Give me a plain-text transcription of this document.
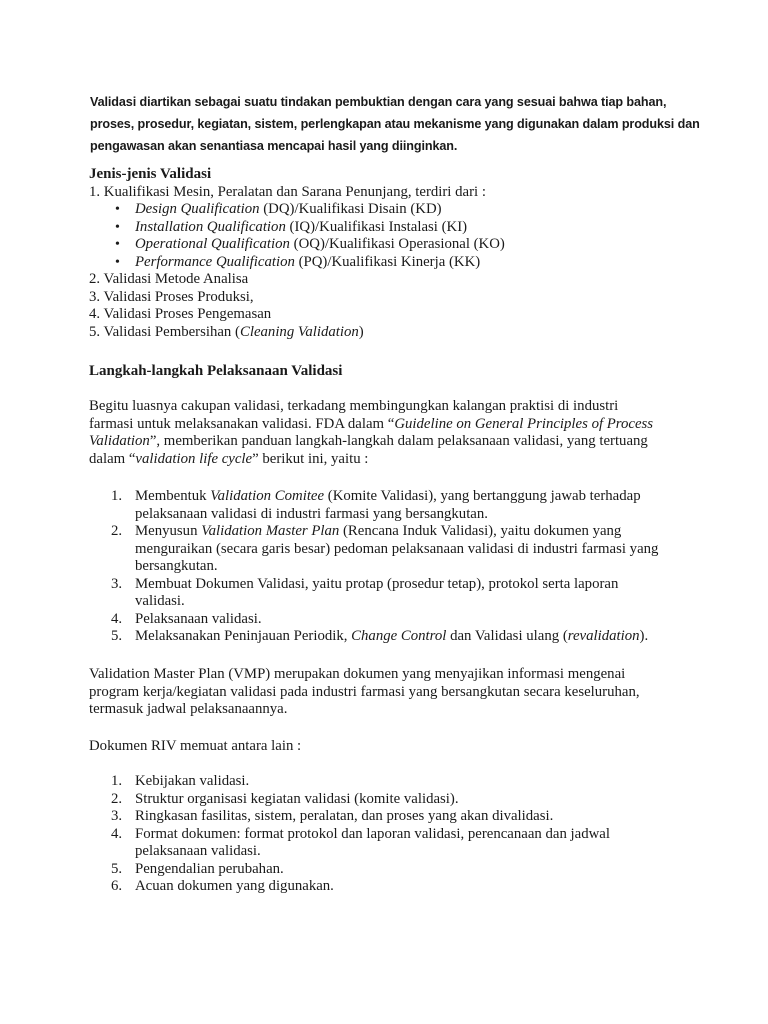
Validasi diartikan sebagai suatu tindakan pembuktian dengan cara yang sesuai bahwa tiap bahan,

proses, prosedur, kegiatan, sistem, perlengkapan atau mekanisme yang digunakan dalam produksi dan

pengawasan akan senantiasa mencapai hasil yang diinginkan.

Jenis-jenis Validasi

1. Kualifikasi Mesin, Peralatan dan Sarana Penunjang, terdiri dari :

• Design Qualification (DQ)/Kualifikasi Disain (KD)
• Installation Qualification (IQ)/Kualifikasi Instalasi (KI)
• Operational Qualification (OQ)/Kualifikasi Operasional (KO)
• Performance Qualification (PQ)/Kualifikasi Kinerja (KK)

2. Validasi Metode Analisa

3. Validasi Proses Produksi,

4. Validasi Proses Pengemasan

5. Validasi Pembersihan (Cleaning Validation)

Langkah-langkah Pelaksanaan Validasi

Begitu luasnya cakupan validasi, terkadang membingungkan kalangan praktisi di industri

farmasi untuk melaksanakan validasi. FDA dalam “Guideline on General Principles of Process

Validation”, memberikan panduan langkah-langkah dalam pelaksanaan validasi, yang tertuang

dalam “validation life cycle” berikut ini, yaitu :

1. Membentuk Validation Comitee (Komite Validasi), yang bertanggung jawab terhadap
pelaksanaan validasi di industri farmasi yang bersangkutan.
2. Menyusun Validation Master Plan (Rencana Induk Validasi), yaitu dokumen yang
menguraikan (secara garis besar) pedoman pelaksanaan validasi di industri farmasi yang
bersangkutan.
3. Membuat Dokumen Validasi, yaitu protap (prosedur tetap), protokol serta laporan
validasi.
4. Pelaksanaan validasi.
5. Melaksanakan Peninjauan Periodik, Change Control dan Validasi ulang (revalidation).

Validation Master Plan (VMP) merupakan dokumen yang menyajikan informasi mengenai

program kerja/kegiatan validasi pada industri farmasi yang bersangkutan secara keseluruhan,

termasuk jadwal pelaksanaannya.

Dokumen RIV memuat antara lain :

1. Kebijakan validasi.
2. Struktur organisasi kegiatan validasi (komite validasi).
3. Ringkasan fasilitas, sistem, peralatan, dan proses yang akan divalidasi.
4. Format dokumen: format protokol dan laporan validasi, perencanaan dan jadwal
pelaksanaan validasi.
5. Pengendalian perubahan.
6. Acuan dokumen yang digunakan.
